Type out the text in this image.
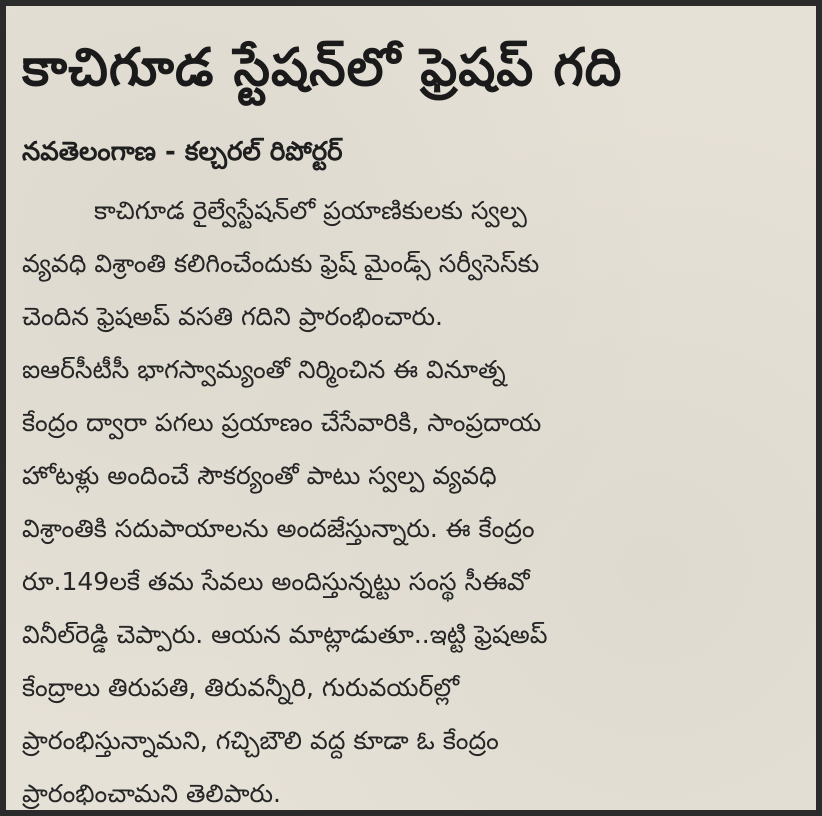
కాచిగూడ స్టేషన్‌లో ఫ్రెషప్ గది
నవతెలంగాణ - కల్చరల్ రిపోర్టర్
కాచిగూడ రైల్వేస్టేషన్‌లో ప్రయాణికులకు స్వల్ప
వ్యవధి విశ్రాంతి కలిగించేందుకు ఫ్రెష్ మైండ్స్ సర్వీసెస్‌కు
చెందిన ఫ్రెషఅప్ వసతి గదిని ప్రారంభించారు.
ఐఆర్‌సీటీసీ భాగస్వామ్యంతో నిర్మించిన ఈ వినూత్న
కేంద్రం ద్వారా పగలు ప్రయాణం చేసేవారికి, సాంప్రదాయ
హోటళ్లు అందించే సౌకర్యంతో పాటు స్వల్ప వ్యవధి
విశ్రాంతికి సదుపాయాలను అందజేస్తున్నారు. ఈ కేంద్రం
రూ.149లకే తమ సేవలు అందిస్తున్నట్టు సంస్థ సీఈవో
వినీల్‌రెడ్డి చెప్పారు. ఆయన మాట్లాడుతూ..ఇట్టి ఫ్రెషఅప్
కేంద్రాలు తిరుపతి, తిరువన్నీరి, గురువయర్‌ల్లో
ప్రారంభిస్తున్నామని, గచ్చిబౌలి వద్ద కూడా ఓ కేంద్రం
ప్రారంభించామని తెలిపారు.
